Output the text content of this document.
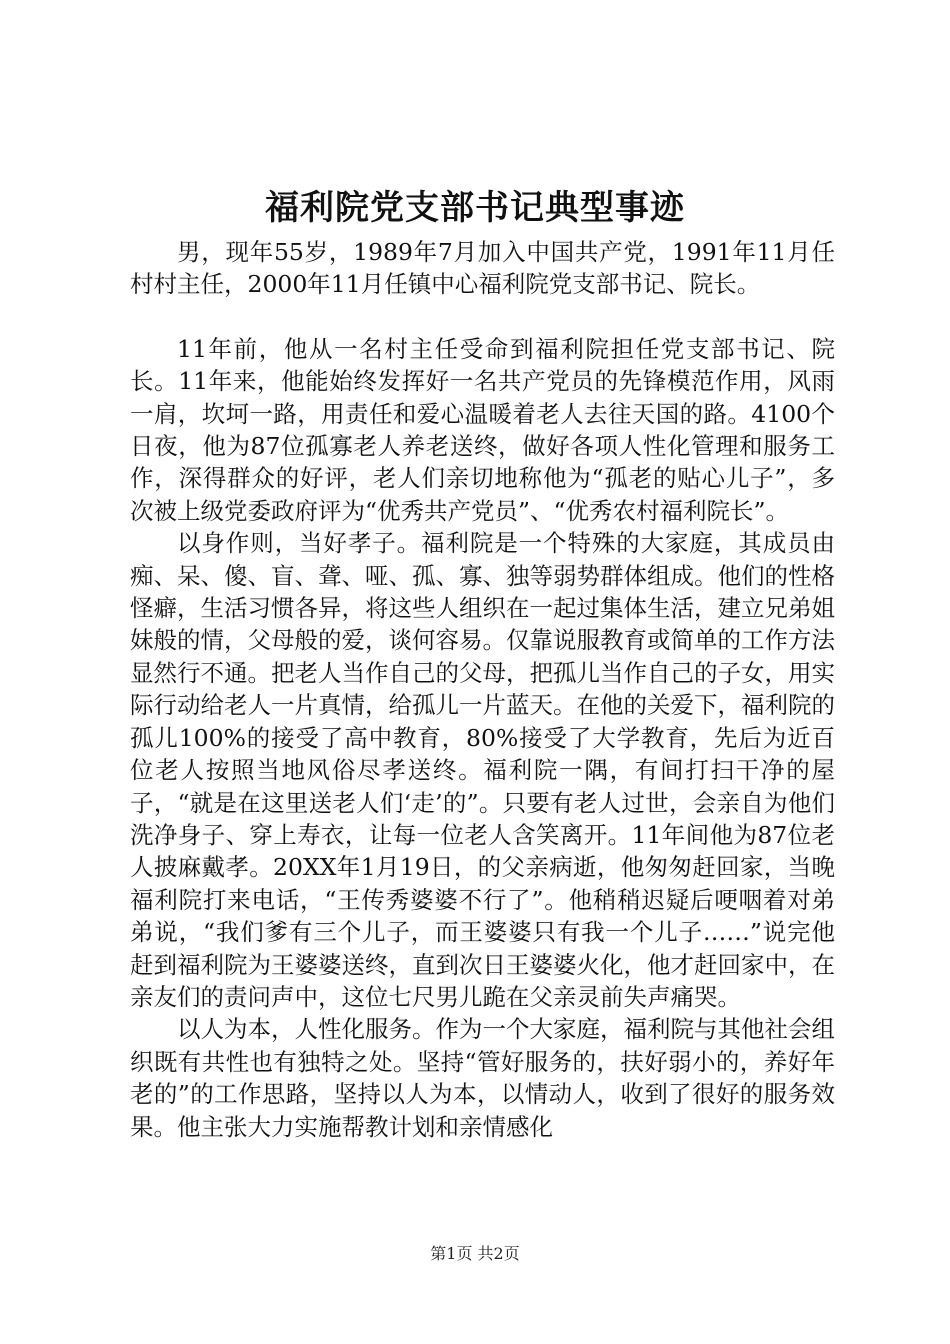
福利院党支部书记典型事迹

男，现年55岁，1989年7月加入中国共产党，1991年11月任村村主任，2000年11月任镇中心福利院党支部书记、院长。

11年前，他从一名村主任受命到福利院担任党支部书记、院长。11年来，他能始终发挥好一名共产党员的先锋模范作用，风雨一肩，坎坷一路，用责任和爱心温暖着老人去往天国的路。4100个日夜，他为87位孤寡老人养老送终，做好各项人性化管理和服务工作，深得群众的好评，老人们亲切地称他为“孤老的贴心儿子”，多次被上级党委政府评为“优秀共产党员”、“优秀农村福利院长”。

以身作则，当好孝子。福利院是一个特殊的大家庭，其成员由痴、呆、傻、盲、聋、哑、孤、寡、独等弱势群体组成。他们的性格怪癖，生活习惯各异，将这些人组织在一起过集体生活，建立兄弟姐妹般的情，父母般的爱，谈何容易。仅靠说服教育或简单的工作方法显然行不通。把老人当作自己的父母，把孤儿当作自己的子女，用实际行动给老人一片真情，给孤儿一片蓝天。在他的关爱下，福利院的孤儿100%的接受了高中教育，80%接受了大学教育，先后为近百位老人按照当地风俗尽孝送终。福利院一隅，有间打扫干净的屋子，“就是在这里送老人们‘走’的”。只要有老人过世，会亲自为他们洗净身子、穿上寿衣，让每一位老人含笑离开。11年间他为87位老人披麻戴孝。20XX年1月19日，的父亲病逝，他匆匆赶回家，当晚福利院打来电话，“王传秀婆婆不行了”。他稍稍迟疑后哽咽着对弟弟说，“我们爹有三个儿子，而王婆婆只有我一个儿子……”说完他赶到福利院为王婆婆送终，直到次日王婆婆火化，他才赶回家中，在亲友们的责问声中，这位七尺男儿跪在父亲灵前失声痛哭。

以人为本，人性化服务。作为一个大家庭，福利院与其他社会组织既有共性也有独特之处。坚持“管好服务的，扶好弱小的，养好年老的”的工作思路，坚持以人为本，以情动人，收到了很好的服务效果。他主张大力实施帮教计划和亲情感化

第1页 共2页
